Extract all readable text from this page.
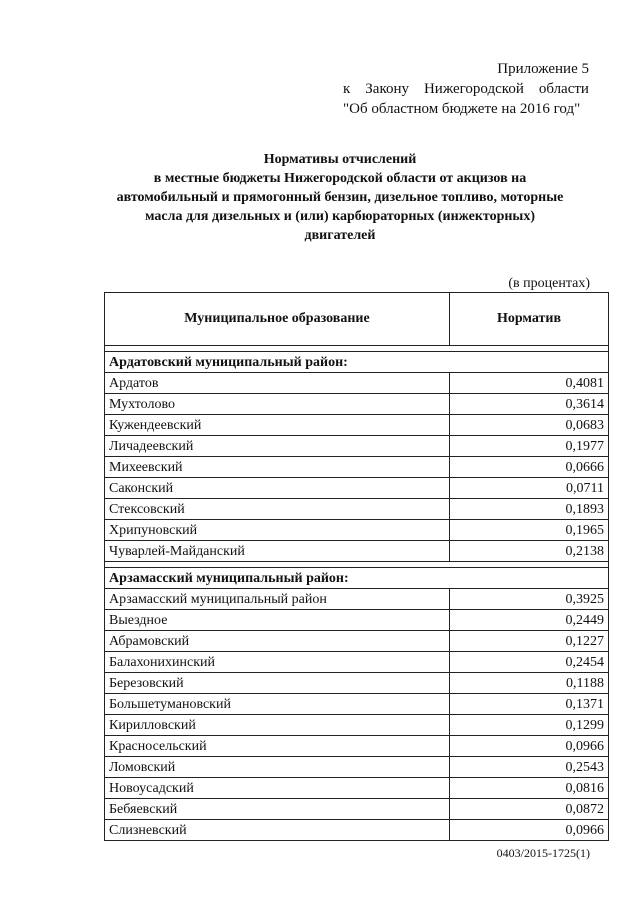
Приложение 5
к Закону Нижегородской области
"Об областном бюджете на 2016 год"
Нормативы отчислений
в местные бюджеты Нижегородской области от акцизов на
автомобильный и прямогонный бензин, дизельное топливо, моторные
масла для дизельных и (или) карбюраторных (инжекторных)
двигателей
(в процентах)
Муниципальное образование	Норматив

Ардатовский муниципальный район:	
Ардатов	0,4081
Мухтолово	0,3614
Кужендеевский	0,0683
Личадеевский	0,1977
Михеевский	0,0666
Саконский	0,0711
Стексовский	0,1893
Хрипуновский	0,1965
Чуварлей-Майданский	0,2138

Арзамасский муниципальный район:	
Арзамасский муниципальный район	0,3925
Выездное	0,2449
Абрамовский	0,1227
Балахонихинский	0,2454
Березовский	0,1188
Большетумановский	0,1371
Кирилловский	0,1299
Красносельский	0,0966
Ломовский	0,2543
Новоусадский	0,0816
Бебяевский	0,0872
Слизневский	0,0966
0403/2015-1725(1)
